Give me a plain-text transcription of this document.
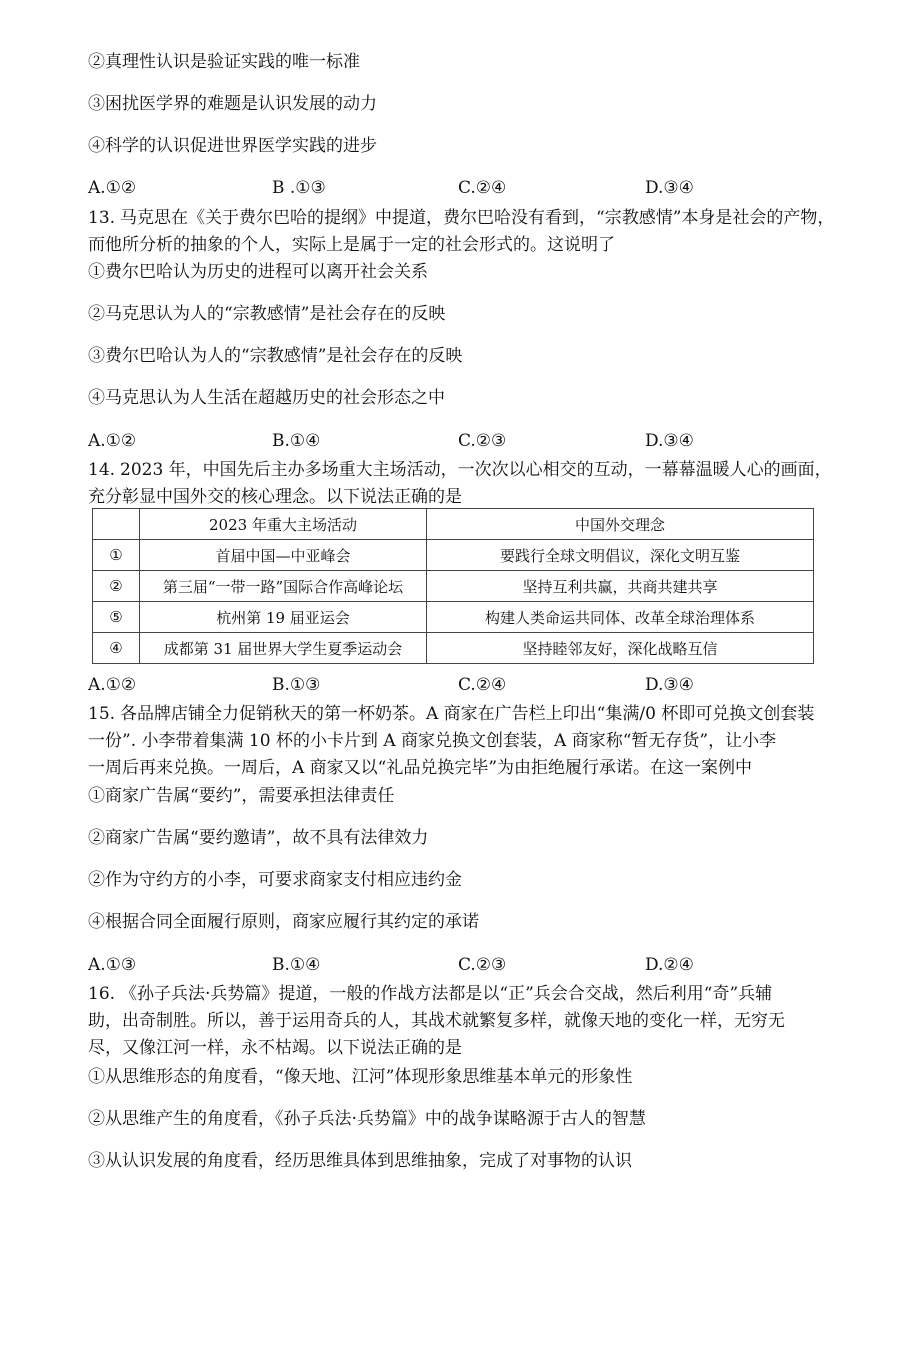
②真理性认识是验证实践的唯一标准
③困扰医学界的难题是认识发展的动力
④科学的认识促进世界医学实践的进步
A.①②	B .①③	C.②④	D.③④
13. 马克思在《关于费尔巴哈的提纲》中提道，费尔巴哈没有看到，“宗教感情”本身是社会的产物，
而他所分析的抽象的个人，实际上是属于一定的社会形式的。这说明了
①费尔巴哈认为历史的进程可以离开社会关系
②马克思认为人的“宗教感情”是社会存在的反映
③费尔巴哈认为人的“宗教感情”是社会存在的反映
④马克思认为人生活在超越历史的社会形态之中
A.①②	B.①④	C.②③	D.③④
14. 2023 年，中国先后主办多场重大主场活动，一次次以心相交的互动，一幕幕温暖人心的画面，
充分彰显中国外交的核心理念。以下说法正确的是
	2023 年重大主场活动	中国外交理念
①	首届中国—中亚峰会	要践行全球文明倡议，深化文明互鉴
②	第三届“一带一路”国际合作高峰论坛	坚持互利共赢，共商共建共享
⑤	杭州第 19 届亚运会	构建人类命运共同体、改革全球治理体系
④	成都第 31 届世界大学生夏季运动会	坚持睦邻友好，深化战略互信
A.①②	B.①③	C.②④	D.③④
15. 各品牌店铺全力促销秋天的第一杯奶茶。A 商家在广告栏上印出“集满/0 杯即可兑换文创套装
一份”. 小李带着集满 10 杯的小卡片到 A 商家兑换文创套装，A 商家称“暂无存货”，让小李
一周后再来兑换。一周后，A 商家又以“礼品兑换完毕”为由拒绝履行承诺。在这一案例中
①商家广告属“要约”，需要承担法律责任
②商家广告属“要约邀请”，故不具有法律效力
②作为守约方的小李，可要求商家支付相应违约金
④根据合同全面履行原则，商家应履行其约定的承诺
A.①③	B.①④	C.②③	D.②④
16. 《孙子兵法·兵势篇》提道，一般的作战方法都是以“正”兵会合交战，然后利用“奇”兵辅
助，出奇制胜。所以，善于运用奇兵的人，其战术就繁复多样，就像天地的变化一样，无穷无
尽，又像江河一样，永不枯竭。以下说法正确的是
①从思维形态的角度看，“像天地、江河”体现形象思维基本单元的形象性
②从思维产生的角度看，《孙子兵法·兵势篇》中的战争谋略源于古人的智慧
③从认识发展的角度看，经历思维具体到思维抽象，完成了对事物的认识
